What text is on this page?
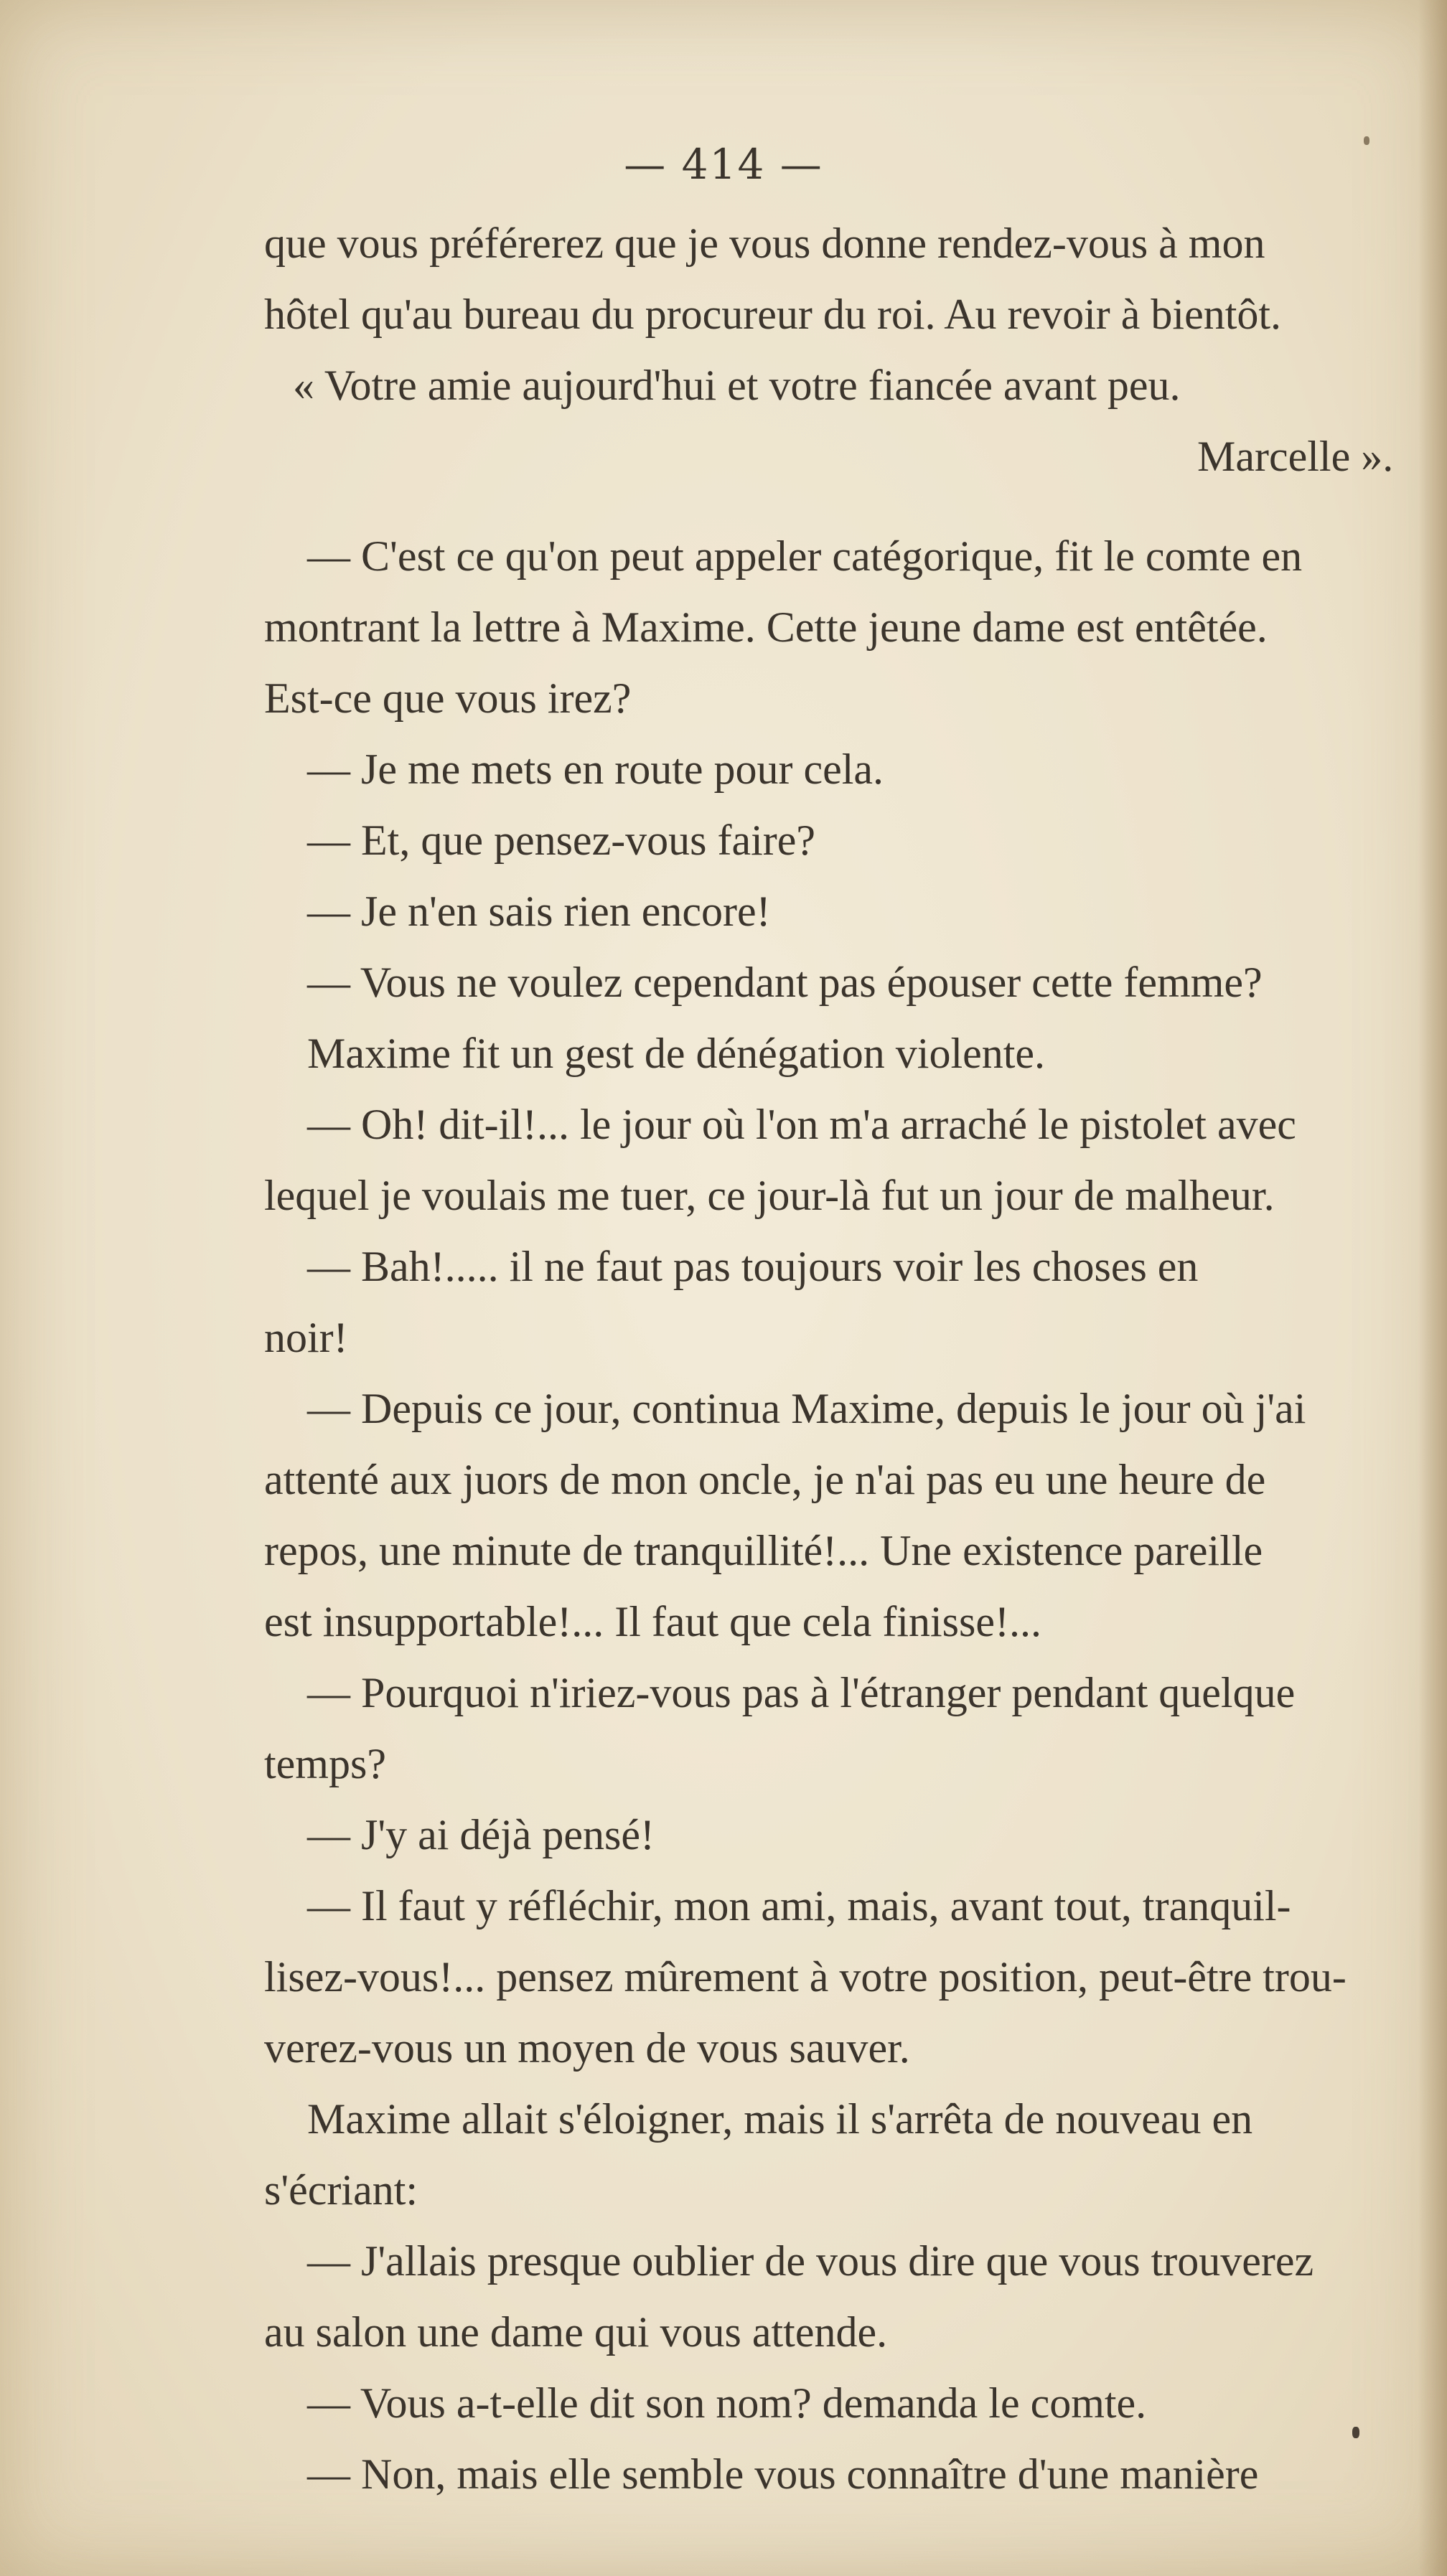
— 414 —
que vous préférerez que je vous donne rendez-vous à mon
hôtel qu'au bureau du procureur du roi. Au revoir à bientôt.
« Votre amie aujourd'hui et votre fiancée avant peu.
Marcelle ».
— C'est ce qu'on peut appeler catégorique, fit le comte en
montrant la lettre à Maxime. Cette jeune dame est entêtée.
Est-ce que vous irez?
— Je me mets en route pour cela.
— Et, que pensez-vous faire?
— Je n'en sais rien encore!
— Vous ne voulez cependant pas épouser cette femme?
Maxime fit un gest de dénégation violente.
— Oh! dit-il!... le jour où l'on m'a arraché le pistolet avec
lequel je voulais me tuer, ce jour-là fut un jour de malheur.
— Bah!..... il ne faut pas toujours voir les choses en
noir!
— Depuis ce jour, continua Maxime, depuis le jour où j'ai
attenté aux juors de mon oncle, je n'ai pas eu une heure de
repos, une minute de tranquillité!... Une existence pareille
est insupportable!... Il faut que cela finisse!...
— Pourquoi n'iriez-vous pas à l'étranger pendant quelque
temps?
— J'y ai déjà pensé!
— Il faut y réfléchir, mon ami, mais, avant tout, tranquil-
lisez-vous!... pensez mûrement à votre position, peut-être trou-
verez-vous un moyen de vous sauver.
Maxime allait s'éloigner, mais il s'arrêta de nouveau en
s'écriant:
— J'allais presque oublier de vous dire que vous trouverez
au salon une dame qui vous attende.
— Vous a-t-elle dit son nom? demanda le comte.
— Non, mais elle semble vous connaître d'une manière
